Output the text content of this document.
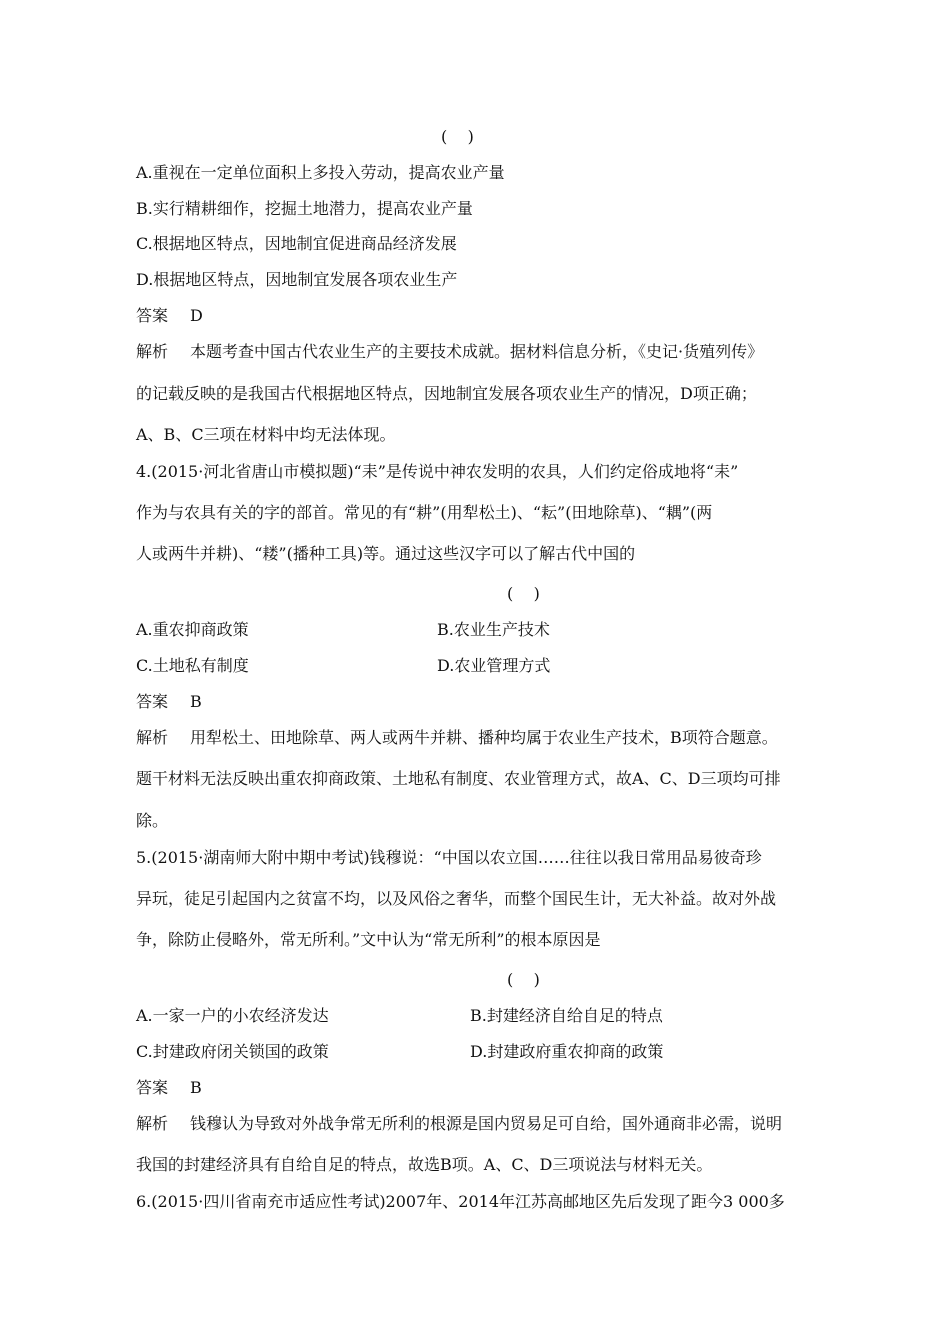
(    )
A.重视在一定单位面积上多投入劳动，提高农业产量
B.实行精耕细作，挖掘土地潜力，提高农业产量
C.根据地区特点，因地制宜促进商品经济发展
D.根据地区特点，因地制宜发展各项农业生产
答案 D
解析 本题考查中国古代农业生产的主要技术成就。据材料信息分析，《史记·货殖列传》
的记载反映的是我国古代根据地区特点，因地制宜发展各项农业生产的情况，D项正确；
A、B、C三项在材料中均无法体现。
4.(2015·河北省唐山市模拟题)“耒”是传说中神农发明的农具，人们约定俗成地将“耒”
作为与农具有关的字的部首。常见的有“耕”(用犁松土)、“耘”(田地除草)、“耦”(两
人或两牛并耕)、“耧”(播种工具)等。通过这些汉字可以了解古代中国的
(    )
A.重农抑商政策	B.农业生产技术
C.土地私有制度	D.农业管理方式
答案 B
解析 用犁松土、田地除草、两人或两牛并耕、播种均属于农业生产技术，B项符合题意。
题干材料无法反映出重农抑商政策、土地私有制度、农业管理方式，故A、C、D三项均可排
除。
5.(2015·湖南师大附中期中考试)钱穆说：“中国以农立国……往往以我日常用品易彼奇珍
异玩，徒足引起国内之贫富不均，以及风俗之奢华，而整个国民生计，无大补益。故对外战
争，除防止侵略外，常无所利。”文中认为“常无所利”的根本原因是
(    )
A.一家一户的小农经济发达	B.封建经济自给自足的特点
C.封建政府闭关锁国的政策	D.封建政府重农抑商的政策
答案 B
解析 钱穆认为导致对外战争常无所利的根源是国内贸易足可自给，国外通商非必需，说明
我国的封建经济具有自给自足的特点，故选B项。A、C、D三项说法与材料无关。
6.(2015·四川省南充市适应性考试)2007年、2014年江苏高邮地区先后发现了距今3 000多
